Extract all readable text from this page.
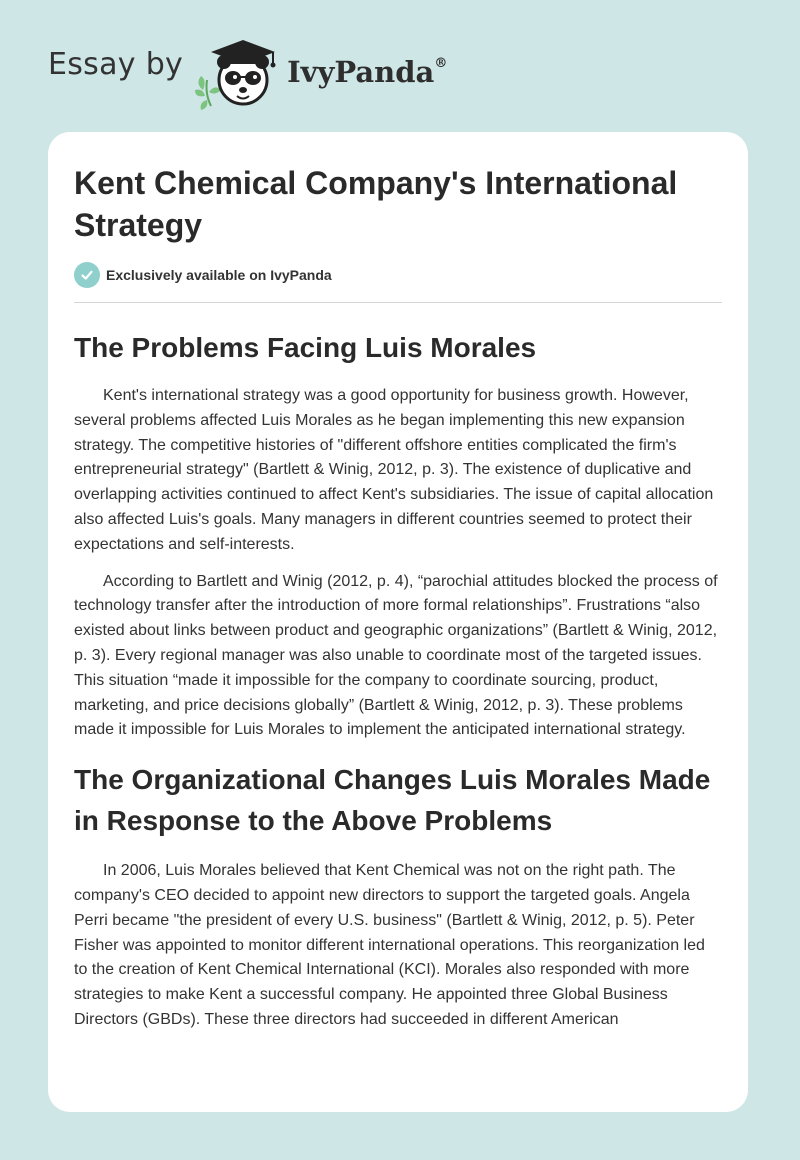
Essay by	IvyPanda®
Kent Chemical Company's International Strategy
Exclusively available on IvyPanda
The Problems Facing Luis Morales

Kent's international strategy was a good opportunity for business growth. However, several problems affected Luis Morales as he began implementing this new expansion strategy. The competitive histories of "different offshore entities complicated the firm's entrepreneurial strategy" (Bartlett & Winig, 2012, p. 3). The existence of duplicative and overlapping activities continued to affect Kent's subsidiaries. The issue of capital allocation also affected Luis's goals. Many managers in different countries seemed to protect their expectations and self-interests.

According to Bartlett and Winig (2012, p. 4), “parochial attitudes blocked the process of technology transfer after the introduction of more formal relationships”. Frustrations “also existed about links between product and geographic organizations” (Bartlett & Winig, 2012, p. 3). Every regional manager was also unable to coordinate most of the targeted issues. This situation “made it impossible for the company to coordinate sourcing, product, marketing, and price decisions globally” (Bartlett & Winig, 2012, p. 3). These problems made it impossible for Luis Morales to implement the anticipated international strategy.

The Organizational Changes Luis Morales Made in Response to the Above Problems

In 2006, Luis Morales believed that Kent Chemical was not on the right path. The company's CEO decided to appoint new directors to support the targeted goals. Angela Perri became "the president of every U.S. business" (Bartlett & Winig, 2012, p. 5). Peter Fisher was appointed to monitor different international operations. This reorganization led to the creation of Kent Chemical International (KCI). Morales also responded with more strategies to make Kent a successful company. He appointed three Global Business Directors (GBDs). These three directors had succeeded in different American
